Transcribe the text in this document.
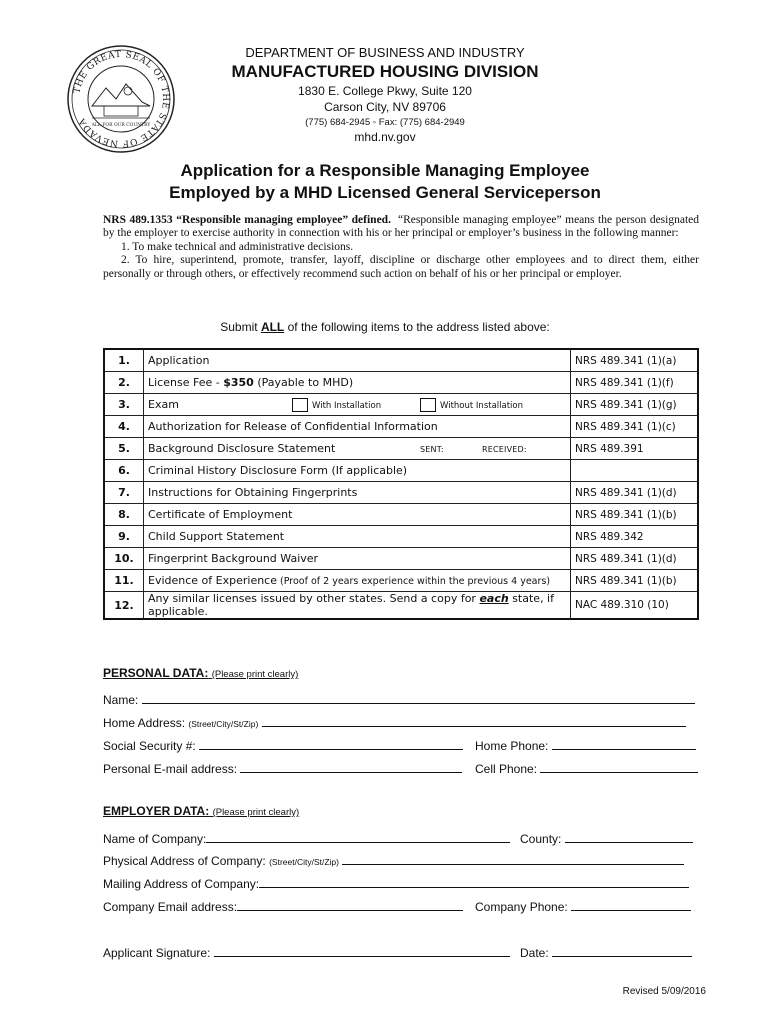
THE GREAT SEAL OF THE STATE OF NEVADA ALL FOR OUR COUNTRY
DEPARTMENT OF BUSINESS AND INDUSTRY
MANUFACTURED HOUSING DIVISION
1830 E. College Pkwy, Suite 120
Carson City, NV 89706
(775) 684-2945 ◦ Fax: (775) 684-2949
mhd.nv.gov
Application for a Responsible Managing Employee
Employed by a MHD Licensed General Serviceperson
NRS 489.1353 “Responsible managing employee” defined. “Responsible managing employee” means the person designated by the employer to exercise authority in connection with his or her principal or employer’s business in the following manner:
1. To make technical and administrative decisions.
2. To hire, superintend, promote, transfer, layoff, discipline or discharge other employees and to direct them, either personally or through others, or effectively recommend such action on behalf of his or her principal or employer.
Submit ALL of the following items to the address listed above:
1.	Application	NRS 489.341 (1)(a)
2.	License Fee - $350 (Payable to MHD)	NRS 489.341 (1)(f)
3.	Exam With Installation Without Installation	NRS 489.341 (1)(g)
4.	Authorization for Release of Confidential Information	NRS 489.341 (1)(c)
5.	Background Disclosure Statement SENT: RECEIVED:	NRS 489.391
6.	Criminal History Disclosure Form (If applicable)	
7.	Instructions for Obtaining Fingerprints	NRS 489.341 (1)(d)
8.	Certificate of Employment	NRS 489.341 (1)(b)
9.	Child Support Statement	NRS 489.342
10.	Fingerprint Background Waiver	NRS 489.341 (1)(d)
11.	Evidence of Experience (Proof of 2 years experience within the previous 4 years)	NRS 489.341 (1)(b)
12.	Any similar licenses issued by other states. Send a copy for each state, if applicable.	NAC 489.310 (10)
PERSONAL DATA: (Please print clearly)
Name:
Home Address: (Street/City/St/Zip)
Social Security #:	Home Phone:
Personal E-mail address:	Cell Phone:
EMPLOYER DATA: (Please print clearly)
Name of Company:	County:
Physical Address of Company: (Street/City/St/Zip)
Mailing Address of Company:
Company Email address:	Company Phone:
Applicant Signature:	Date:
Revised 5/09/2016
